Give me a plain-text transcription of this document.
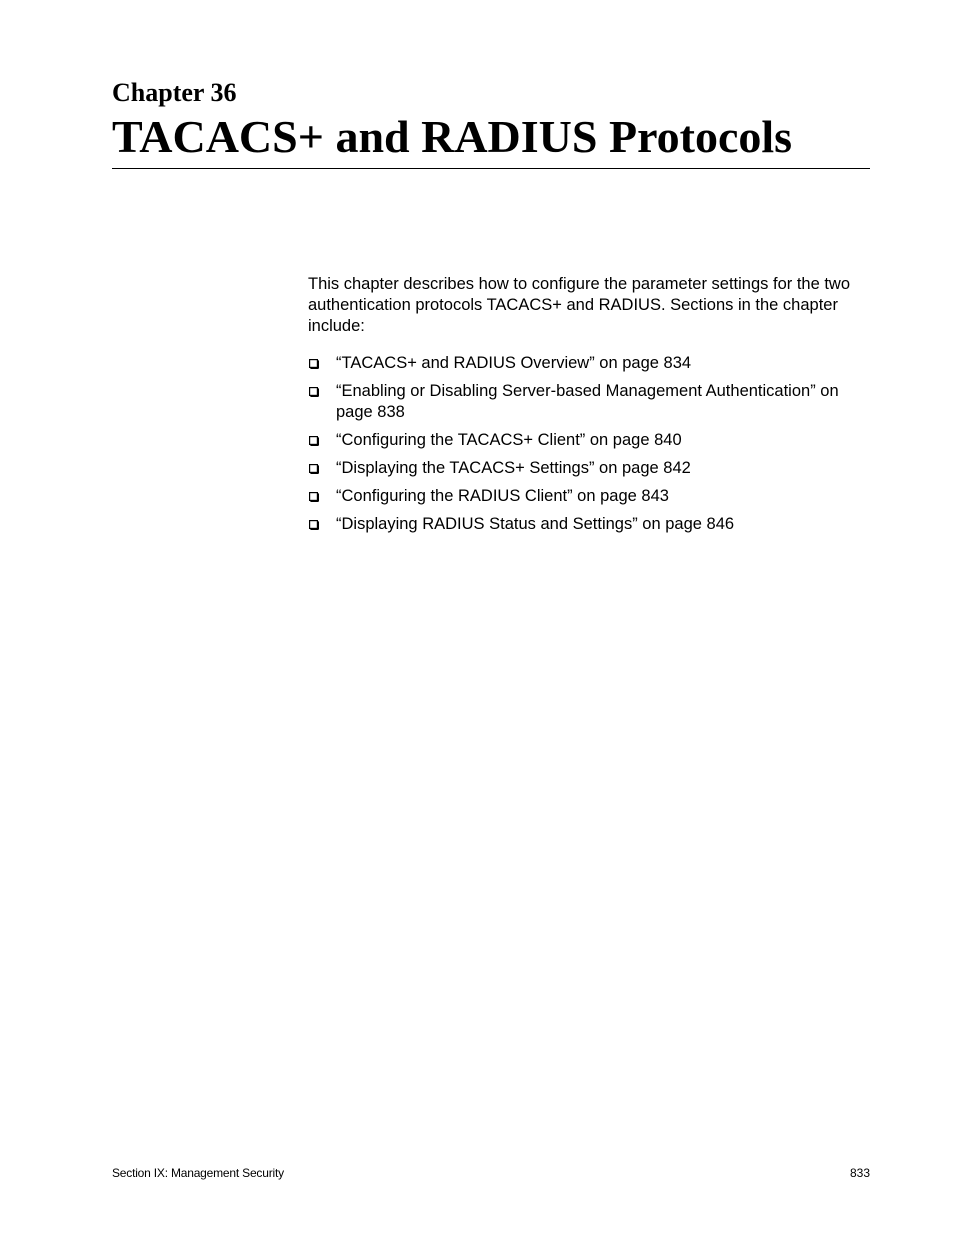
Chapter 36
TACACS+ and RADIUS Protocols

This chapter describes how to configure the parameter settings for the two authentication protocols TACACS+ and RADIUS. Sections in the chapter include:

“TACACS+ and RADIUS Overview” on page 834
“Enabling or Disabling Server-based Management Authentication” on page 838
“Configuring the TACACS+ Client” on page 840
“Displaying the TACACS+ Settings” on page 842
“Configuring the RADIUS Client” on page 843
“Displaying RADIUS Status and Settings” on page 846
Section IX: Management Security	833
